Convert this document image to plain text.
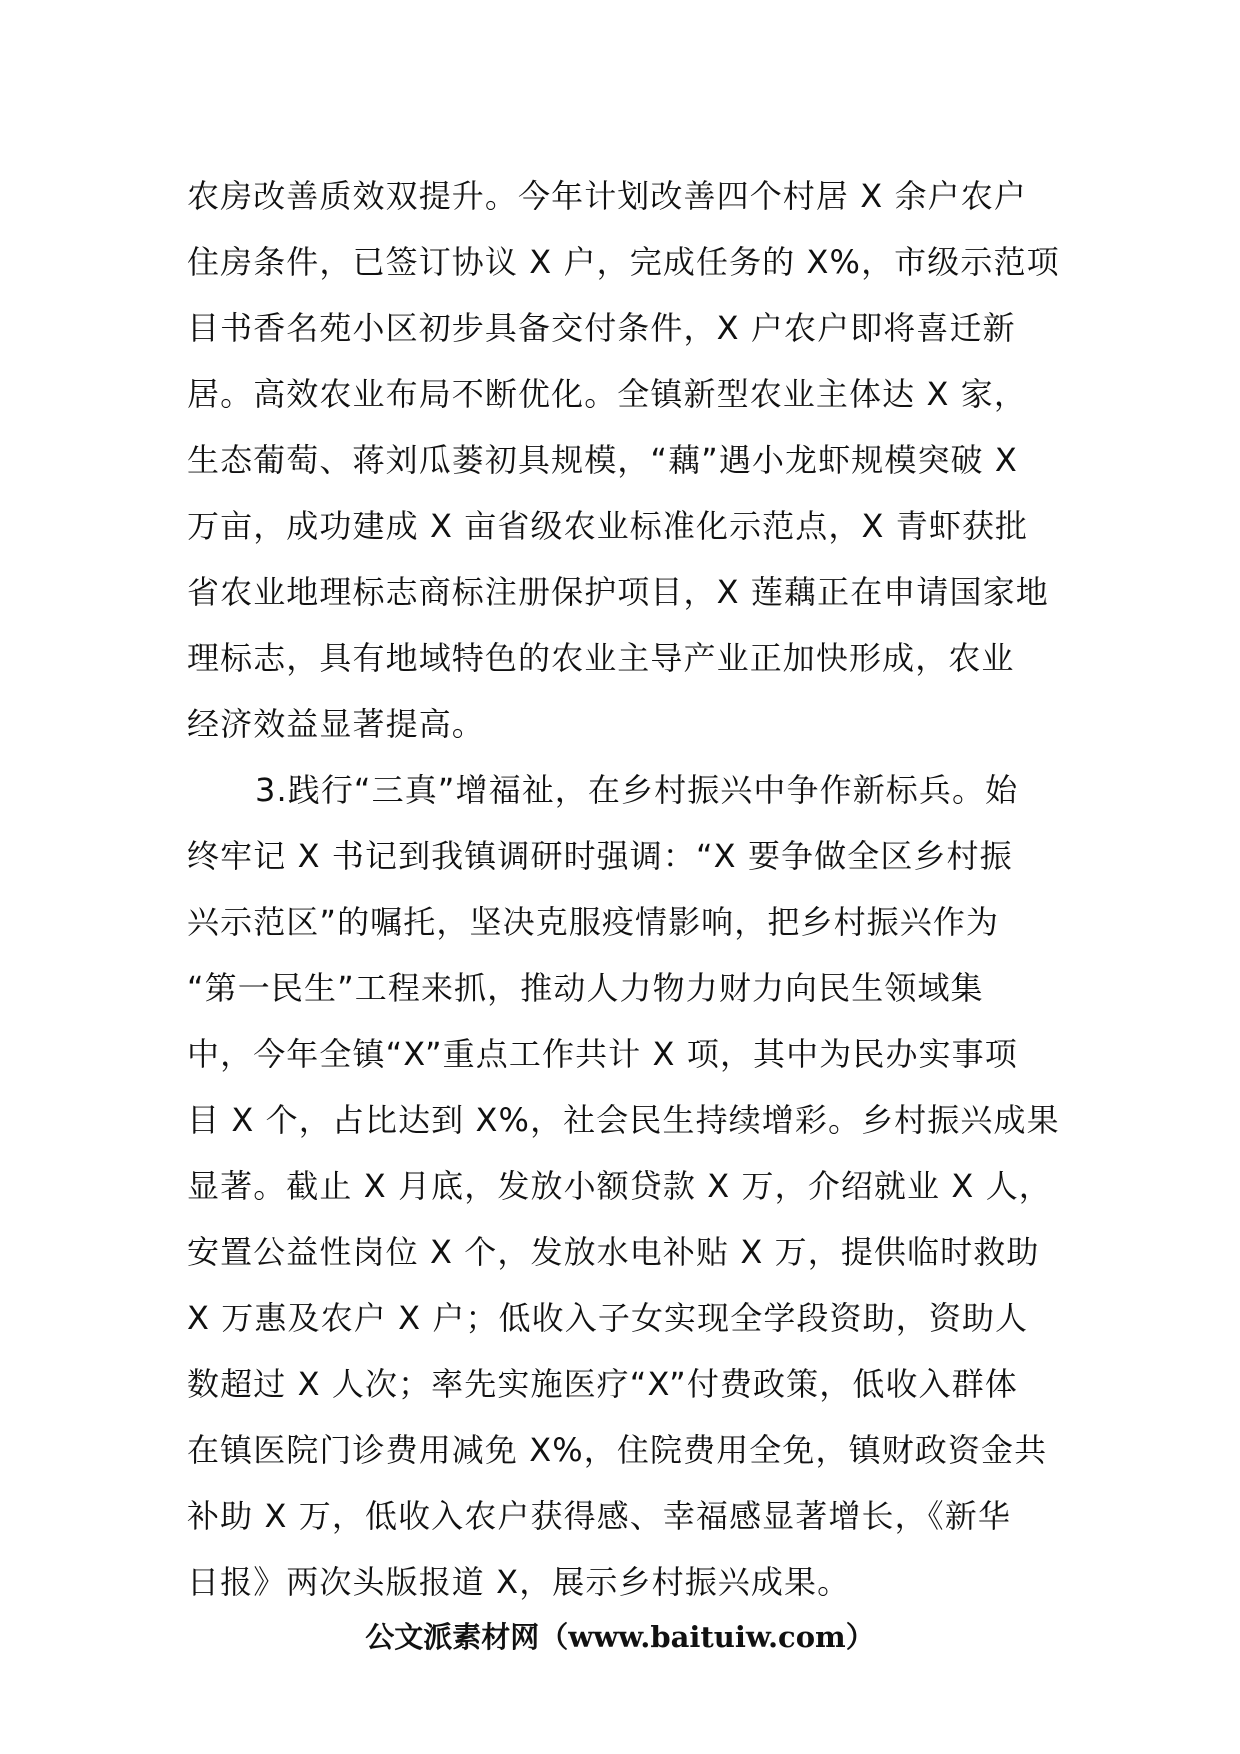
农房改善质效双提升。今年计划改善四个村居 X 余户农户
住房条件，已签订协议 X 户，完成任务的 X%，市级示范项
目书香名苑小区初步具备交付条件，X 户农户即将喜迁新
居。高效农业布局不断优化。全镇新型农业主体达 X 家，
生态葡萄、蒋刘瓜蒌初具规模，“藕”遇小龙虾规模突破 X
万亩，成功建成 X 亩省级农业标准化示范点，X 青虾获批
省农业地理标志商标注册保护项目，X 莲藕正在申请国家地
理标志，具有地域特色的农业主导产业正加快形成，农业
经济效益显著提高。
3.践行“三真”增福祉，在乡村振兴中争作新标兵。始
终牢记 X 书记到我镇调研时强调：“X 要争做全区乡村振
兴示范区”的嘱托，坚决克服疫情影响，把乡村振兴作为
“第一民生”工程来抓，推动人力物力财力向民生领域集
中，今年全镇“X”重点工作共计 X 项，其中为民办实事项
目 X 个，占比达到 X%，社会民生持续增彩。乡村振兴成果
显著。截止 X 月底，发放小额贷款 X 万，介绍就业 X 人，
安置公益性岗位 X 个，发放水电补贴 X 万，提供临时救助
X 万惠及农户 X 户；低收入子女实现全学段资助，资助人
数超过 X 人次；率先实施医疗“X”付费政策，低收入群体
在镇医院门诊费用减免 X%，住院费用全免，镇财政资金共
补助 X 万，低收入农户获得感、幸福感显著增长，《新华
日报》两次头版报道 X，展示乡村振兴成果。
公文派素材网（www.baituiw.com）
